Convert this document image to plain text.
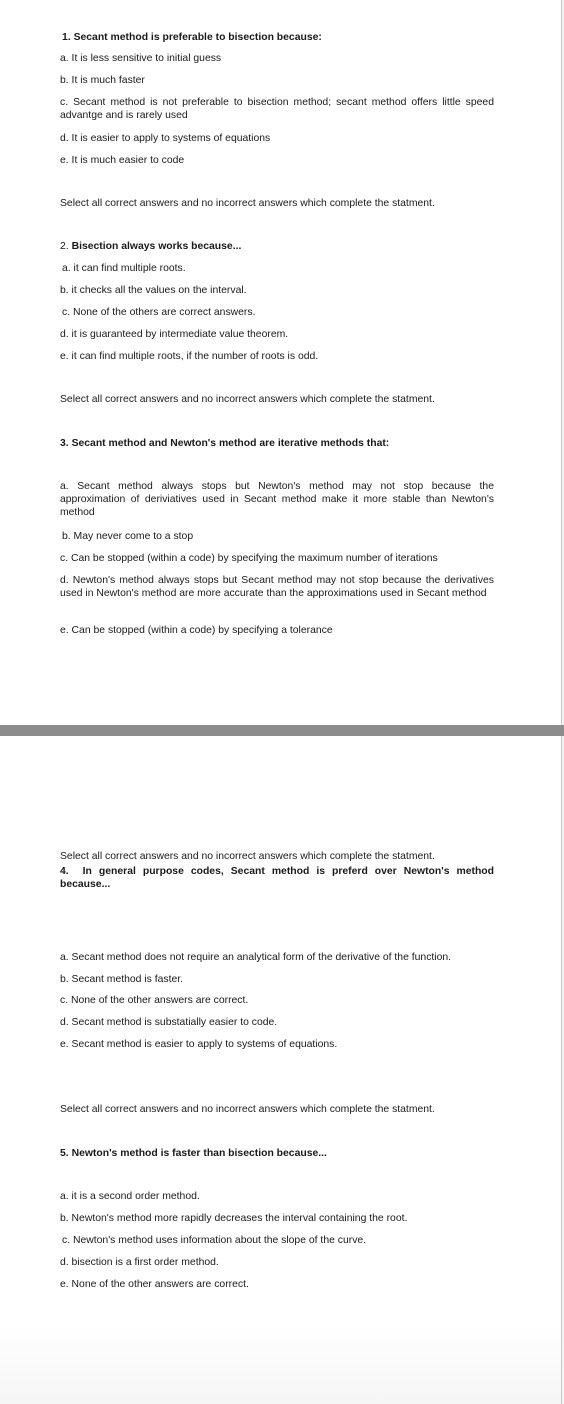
1. Secant method is preferable to bisection because:

a. It is less sensitive to initial guess

b. It is much faster

c. Secant method is not preferable to bisection method; secant method offers little speed advantge and is rarely used

d. It is easier to apply to systems of equations

e. It is much easier to code

Select all correct answers and no incorrect answers which complete the statment.

2. Bisection always works because...

a. it can find multiple roots.

b. it checks all the values on the interval.

c. None of the others are correct answers.

d. it is guaranteed by intermediate value theorem.

e. it can find multiple roots, if the number of roots is odd.

Select all correct answers and no incorrect answers which complete the statment.

3. Secant method and Newton's method are iterative methods that:

a. Secant method always stops but Newton's method may not stop because the approximation of deriviatives used in Secant method make it more stable than Newton's method

b. May never come to a stop

c. Can be stopped (within a code) by specifying the maximum number of iterations

d. Newton's method always stops but Secant method may not stop because the derivatives used in Newton's method are more accurate than the approximations used in Secant method

e. Can be stopped (within a code) by specifying a tolerance

Select all correct answers and no incorrect answers which complete the statment.

4. In general purpose codes, Secant method is preferd over Newton's method because...

a. Secant method does not require an analytical form of the derivative of the function.

b. Secant method is faster.

c. None of the other answers are correct.

d. Secant method is substatially easier to code.

e. Secant method is easier to apply to systems of equations.

Select all correct answers and no incorrect answers which complete the statment.

5. Newton's method is faster than bisection because...

a. it is a second order method.

b. Newton's method more rapidly decreases the interval containing the root.

c. Newton's method uses information about the slope of the curve.

d. bisection is a first order method.

e. None of the other answers are correct.
